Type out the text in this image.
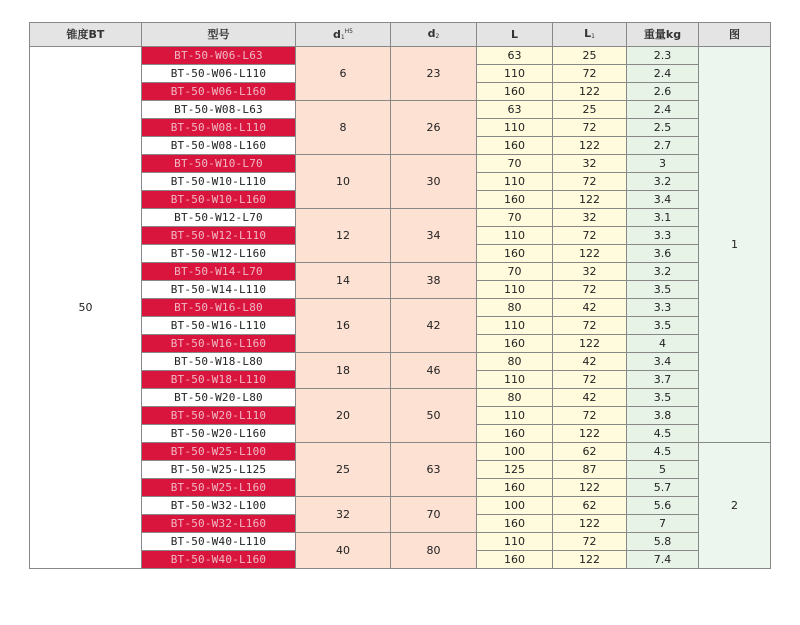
锥度BT	型号	$d_1^{H5}$	$d_2$	L	$L_1$	重量kg	图
50	BT-50-W06-L63	6	23	63	25	2.3	1
	BT-50-W06-L110			110	72	2.4	
	BT-50-W06-L160			160	122	2.6	
	BT-50-W08-L63	8	26	63	25	2.4	
	BT-50-W08-L110			110	72	2.5	
	BT-50-W08-L160			160	122	2.7	
	BT-50-W10-L70	10	30	70	32	3	
	BT-50-W10-L110			110	72	3.2	
	BT-50-W10-L160			160	122	3.4	
	BT-50-W12-L70	12	34	70	32	3.1	
	BT-50-W12-L110			110	72	3.3	
	BT-50-W12-L160			160	122	3.6	
	BT-50-W14-L70	14	38	70	32	3.2	
	BT-50-W14-L110			110	72	3.5	
	BT-50-W16-L80	16	42	80	42	3.3	
	BT-50-W16-L110			110	72	3.5	
	BT-50-W16-L160			160	122	4	
	BT-50-W18-L80	18	46	80	42	3.4	
	BT-50-W18-L110			110	72	3.7	
	BT-50-W20-L80	20	50	80	42	3.5	
	BT-50-W20-L110			110	72	3.8	
	BT-50-W20-L160			160	122	4.5	
	BT-50-W25-L100	25	63	100	62	4.5	2
	BT-50-W25-L125			125	87	5	
	BT-50-W25-L160			160	122	5.7	
	BT-50-W32-L100	32	70	100	62	5.6	
	BT-50-W32-L160			160	122	7	
	BT-50-W40-L110	40	80	110	72	5.8	
	BT-50-W40-L160			160	122	7.4	
